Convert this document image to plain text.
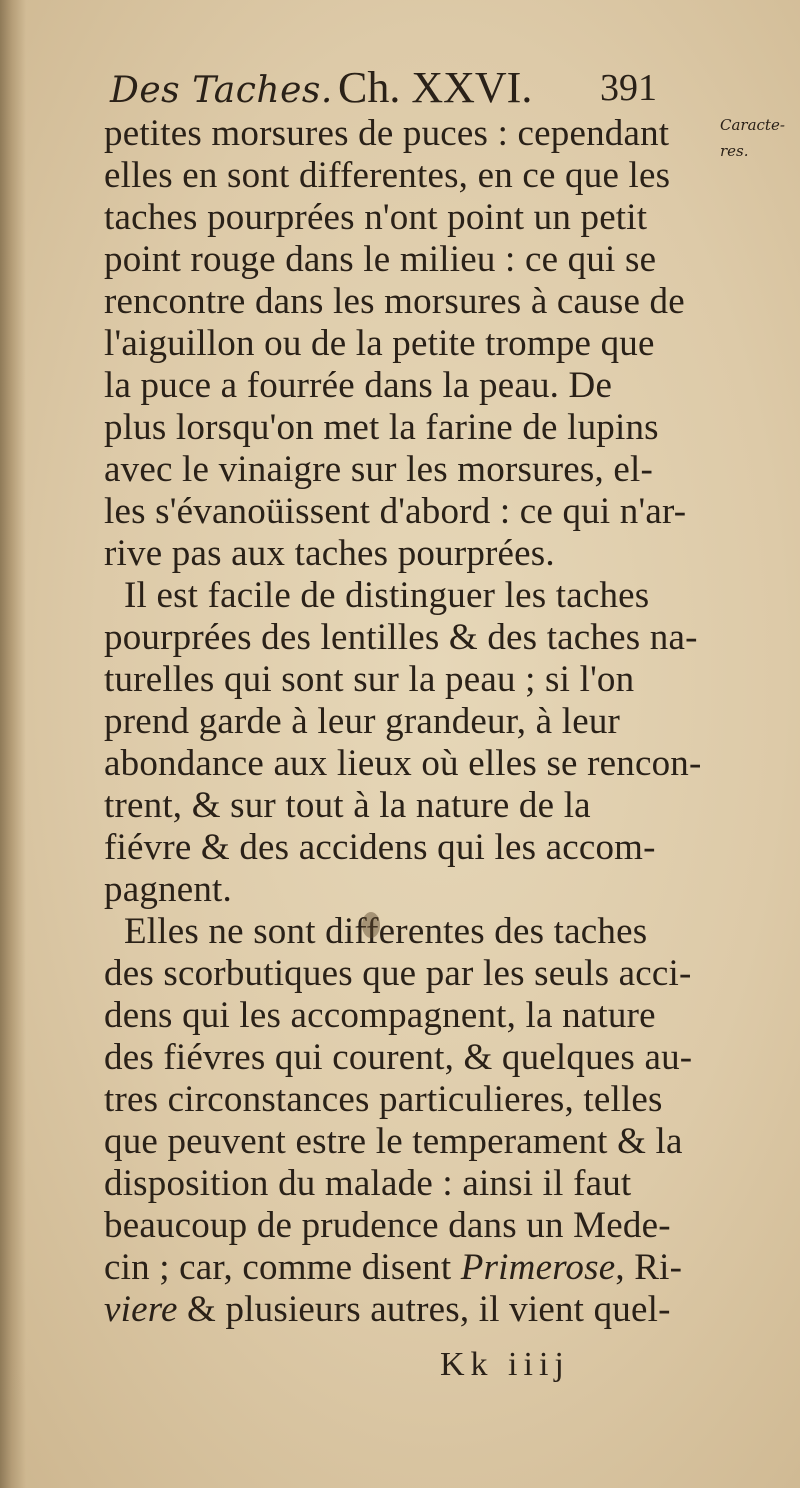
Des Taches. Ch. XXVI. 391
Caracte-
res.
petites morsures de puces : cependant
elles en sont differentes, en ce que les
taches pourprées n'ont point un petit
point rouge dans le milieu : ce qui se
rencontre dans les morsures à cause de
l'aiguillon ou de la petite trompe que
la puce a fourrée dans la peau. De
plus lorsqu'on met la farine de lupins
avec le vinaigre sur les morsures, el-
les s'évanoüissent d'abord : ce qui n'ar-
rive pas aux taches pourprées.
Il est facile de distinguer les taches
pourprées des lentilles & des taches na-
turelles qui sont sur la peau ; si l'on
prend garde à leur grandeur, à leur
abondance aux lieux où elles se rencon-
trent, & sur tout à la nature de la
fiévre & des accidens qui les accom-
pagnent.
Elles ne sont differentes des taches
des scorbutiques que par les seuls acci-
dens qui les accompagnent, la nature
des fiévres qui courent, & quelques au-
tres circonstances particulieres, telles
que peuvent estre le temperament & la
disposition du malade : ainsi il faut
beaucoup de prudence dans un Mede-
cin ; car, comme disent Primerose, Ri-
viere & plusieurs autres, il vient quel-
Kk iiij
